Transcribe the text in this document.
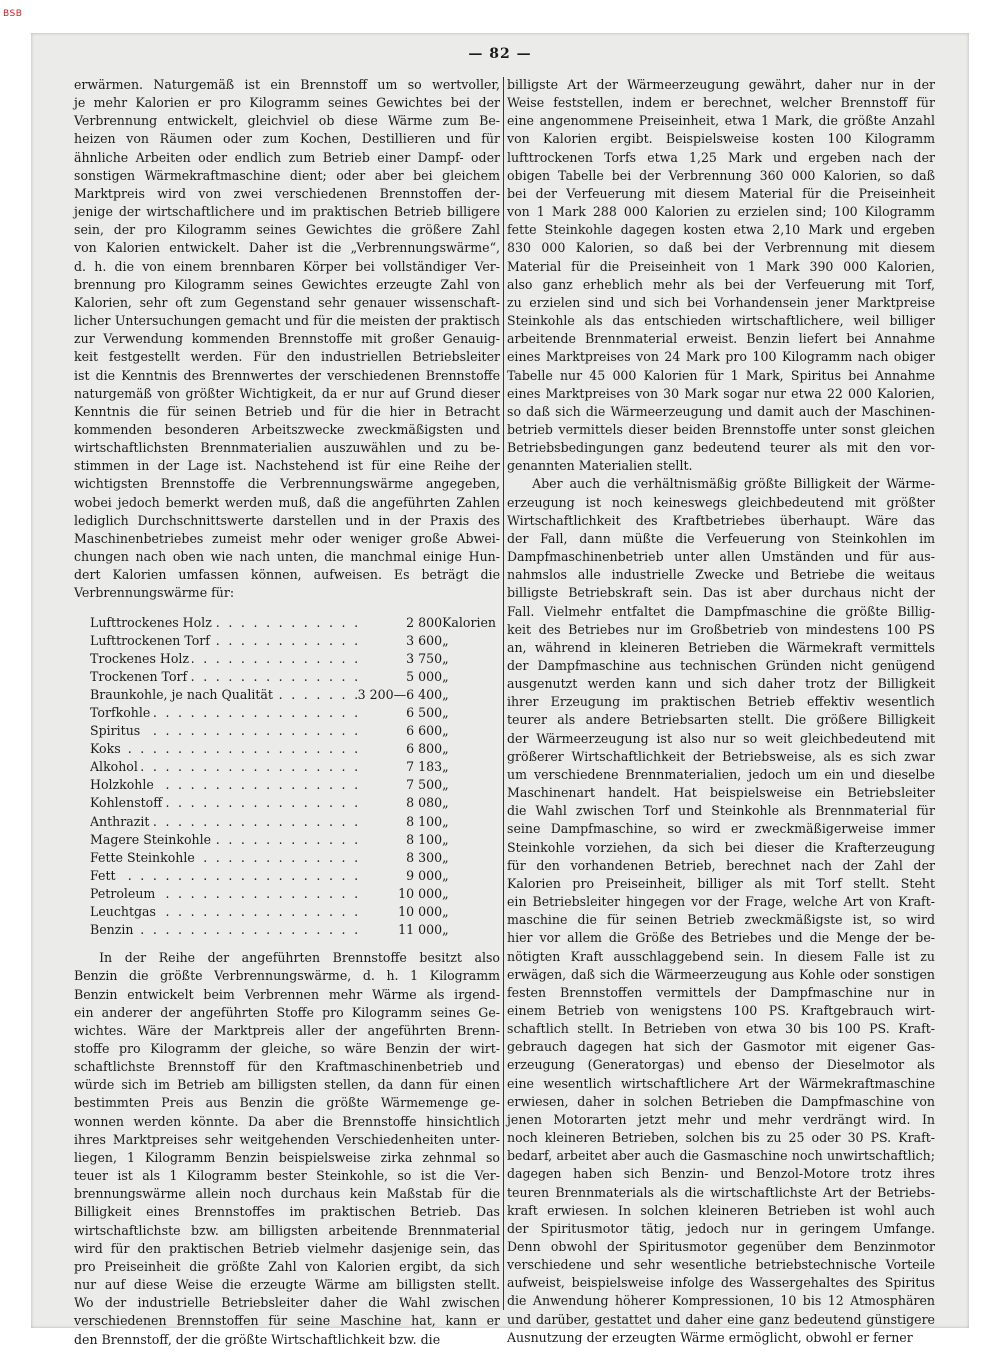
BSB
— 82 —
erwärmen. Naturgemäß ist ein Brennstoff um so wertvoller,
je mehr Kalorien er pro Kilogramm seines Gewichtes bei der
Verbrennung entwickelt, gleichviel ob diese Wärme zum Be-
heizen von Räumen oder zum Kochen, Destillieren und für
ähnliche Arbeiten oder endlich zum Betrieb einer Dampf- oder
sonstigen Wärmekraftmaschine dient; oder aber bei gleichem
Marktpreis wird von zwei verschiedenen Brennstoffen der-
jenige der wirtschaftlichere und im praktischen Betrieb billigere
sein, der pro Kilogramm seines Gewichtes die größere Zahl
von Kalorien entwickelt. Daher ist die „Verbrennungswärme“,
d. h. die von einem brennbaren Körper bei vollständiger Ver-
brennung pro Kilogramm seines Gewichtes erzeugte Zahl von
Kalorien, sehr oft zum Gegenstand sehr genauer wissenschaft-
licher Untersuchungen gemacht und für die meisten der praktisch
zur Verwendung kommenden Brennstoffe mit großer Genauig-
keit festgestellt werden. Für den industriellen Betriebsleiter
ist die Kenntnis des Brennwertes der verschiedenen Brennstoffe
naturgemäß von größter Wichtigkeit, da er nur auf Grund dieser
Kenntnis die für seinen Betrieb und für die hier in Betracht
kommenden besonderen Arbeitszwecke zweckmäßigsten und
wirtschaftlichsten Brennmaterialien auszuwählen und zu be-
stimmen in der Lage ist. Nachstehend ist für eine Reihe der
wichtigsten Brennstoffe die Verbrennungswärme angegeben,
wobei jedoch bemerkt werden muß, daß die angeführten Zahlen
lediglich Durchschnittswerte darstellen und in der Praxis des
Maschinenbetriebes zumeist mehr oder weniger große Abwei-
chungen nach oben wie nach unten, die manchmal einige Hun-
dert Kalorien umfassen können, aufweisen. Es beträgt die
Verbrennungswärme für:
Lufttrockenes Holz . . .	2 800	Kalorien
Lufttrockenen Torf . . .	3 600	„
Trockenes Holz . . .	3 750	„
Trockenen Torf . . .	5 000	„
Braunkohle, je nach Qualität . . .	3 200—6 400	„
Torfkohle . . .	6 500	„
Spiritus . . .	6 600	„
Koks . . .	6 800	„
Alkohol . . .	7 183	„
Holzkohle . . .	7 500	„
Kohlenstoff . . .	8 080	„
Anthrazit . . .	8 100	„
Magere Steinkohle . . .	8 100	„
Fette Steinkohle . . .	8 300	„
Fett . . .	9 000	„
Petroleum . . .	10 000	„
Leuchtgas . . .	10 000	„
Benzin . . .	11 000	„
In der Reihe der angeführten Brennstoffe besitzt also
Benzin die größte Verbrennungswärme, d. h. 1 Kilogramm
Benzin entwickelt beim Verbrennen mehr Wärme als irgend-
ein anderer der angeführten Stoffe pro Kilogramm seines Ge-
wichtes. Wäre der Marktpreis aller der angeführten Brenn-
stoffe pro Kilogramm der gleiche, so wäre Benzin der wirt-
schaftlichste Brennstoff für den Kraftmaschinenbetrieb und
würde sich im Betrieb am billigsten stellen, da dann für einen
bestimmten Preis aus Benzin die größte Wärmemenge ge-
wonnen werden könnte. Da aber die Brennstoffe hinsichtlich
ihres Marktpreises sehr weitgehenden Verschiedenheiten unter-
liegen, 1 Kilogramm Benzin beispielsweise zirka zehnmal so
teuer ist als 1 Kilogramm bester Steinkohle, so ist die Ver-
brennungswärme allein noch durchaus kein Maßstab für die
Billigkeit eines Brennstoffes im praktischen Betrieb. Das
wirtschaftlichste bzw. am billigsten arbeitende Brennmaterial
wird für den praktischen Betrieb vielmehr dasjenige sein, das
pro Preiseinheit die größte Zahl von Kalorien ergibt, da sich
nur auf diese Weise die erzeugte Wärme am billigsten stellt.
Wo der industrielle Betriebsleiter daher die Wahl zwischen
verschiedenen Brennstoffen für seine Maschine hat, kann er
den Brennstoff, der die größte Wirtschaftlichkeit bzw. die
billigste Art der Wärmeerzeugung gewährt, daher nur in der
Weise feststellen, indem er berechnet, welcher Brennstoff für
eine angenommene Preiseinheit, etwa 1 Mark, die größte Anzahl
von Kalorien ergibt. Beispielsweise kosten 100 Kilogramm
lufttrockenen Torfs etwa 1,25 Mark und ergeben nach der
obigen Tabelle bei der Verbrennung 360 000 Kalorien, so daß
bei der Verfeuerung mit diesem Material für die Preiseinheit
von 1 Mark 288 000 Kalorien zu erzielen sind; 100 Kilogramm
fette Steinkohle dagegen kosten etwa 2,10 Mark und ergeben
830 000 Kalorien, so daß bei der Verbrennung mit diesem
Material für die Preiseinheit von 1 Mark 390 000 Kalorien,
also ganz erheblich mehr als bei der Verfeuerung mit Torf,
zu erzielen sind und sich bei Vorhandensein jener Marktpreise
Steinkohle als das entschieden wirtschaftlichere, weil billiger
arbeitende Brennmaterial erweist. Benzin liefert bei Annahme
eines Marktpreises von 24 Mark pro 100 Kilogramm nach obiger
Tabelle nur 45 000 Kalorien für 1 Mark, Spiritus bei Annahme
eines Marktpreises von 30 Mark sogar nur etwa 22 000 Kalorien,
so daß sich die Wärmeerzeugung und damit auch der Maschinen-
betrieb vermittels dieser beiden Brennstoffe unter sonst gleichen
Betriebsbedingungen ganz bedeutend teurer als mit den vor-
genannten Materialien stellt.
Aber auch die verhältnismäßig größte Billigkeit der Wärme-
erzeugung ist noch keineswegs gleichbedeutend mit größter
Wirtschaftlichkeit des Kraftbetriebes überhaupt. Wäre das
der Fall, dann müßte die Verfeuerung von Steinkohlen im
Dampfmaschinenbetrieb unter allen Umständen und für aus-
nahmslos alle industrielle Zwecke und Betriebe die weitaus
billigste Betriebskraft sein. Das ist aber durchaus nicht der
Fall. Vielmehr entfaltet die Dampfmaschine die größte Billig-
keit des Betriebes nur im Großbetrieb von mindestens 100 PS
an, während in kleineren Betrieben die Wärmekraft vermittels
der Dampfmaschine aus technischen Gründen nicht genügend
ausgenutzt werden kann und sich daher trotz der Billigkeit
ihrer Erzeugung im praktischen Betrieb effektiv wesentlich
teurer als andere Betriebsarten stellt. Die größere Billigkeit
der Wärmeerzeugung ist also nur so weit gleichbedeutend mit
größerer Wirtschaftlichkeit der Betriebsweise, als es sich zwar
um verschiedene Brennmaterialien, jedoch um ein und dieselbe
Maschinenart handelt. Hat beispielsweise ein Betriebsleiter
die Wahl zwischen Torf und Steinkohle als Brennmaterial für
seine Dampfmaschine, so wird er zweckmäßigerweise immer
Steinkohle vorziehen, da sich bei dieser die Krafterzeugung
für den vorhandenen Betrieb, berechnet nach der Zahl der
Kalorien pro Preiseinheit, billiger als mit Torf stellt. Steht
ein Betriebsleiter hingegen vor der Frage, welche Art von Kraft-
maschine die für seinen Betrieb zweckmäßigste ist, so wird
hier vor allem die Größe des Betriebes und die Menge der be-
nötigten Kraft ausschlaggebend sein. In diesem Falle ist zu
erwägen, daß sich die Wärmeerzeugung aus Kohle oder sonstigen
festen Brennstoffen vermittels der Dampfmaschine nur in
einem Betrieb von wenigstens 100 PS. Kraftgebrauch wirt-
schaftlich stellt. In Betrieben von etwa 30 bis 100 PS. Kraft-
gebrauch dagegen hat sich der Gasmotor mit eigener Gas-
erzeugung (Generatorgas) und ebenso der Dieselmotor als
eine wesentlich wirtschaftlichere Art der Wärmekraftmaschine
erwiesen, daher in solchen Betrieben die Dampfmaschine von
jenen Motorarten jetzt mehr und mehr verdrängt wird. In
noch kleineren Betrieben, solchen bis zu 25 oder 30 PS. Kraft-
bedarf, arbeitet aber auch die Gasmaschine noch unwirtschaftlich;
dagegen haben sich Benzin- und Benzol-Motore trotz ihres
teuren Brennmaterials als die wirtschaftlichste Art der Betriebs-
kraft erwiesen. In solchen kleineren Betrieben ist wohl auch
der Spiritusmotor tätig, jedoch nur in geringem Umfange.
Denn obwohl der Spiritusmotor gegenüber dem Benzinmotor
verschiedene und sehr wesentliche betriebstechnische Vorteile
aufweist, beispielsweise infolge des Wassergehaltes des Spiritus
die Anwendung höherer Kompressionen, 10 bis 12 Atmosphären
und darüber, gestattet und daher eine ganz bedeutend günstigere
Ausnutzung der erzeugten Wärme ermöglicht, obwohl er ferner
